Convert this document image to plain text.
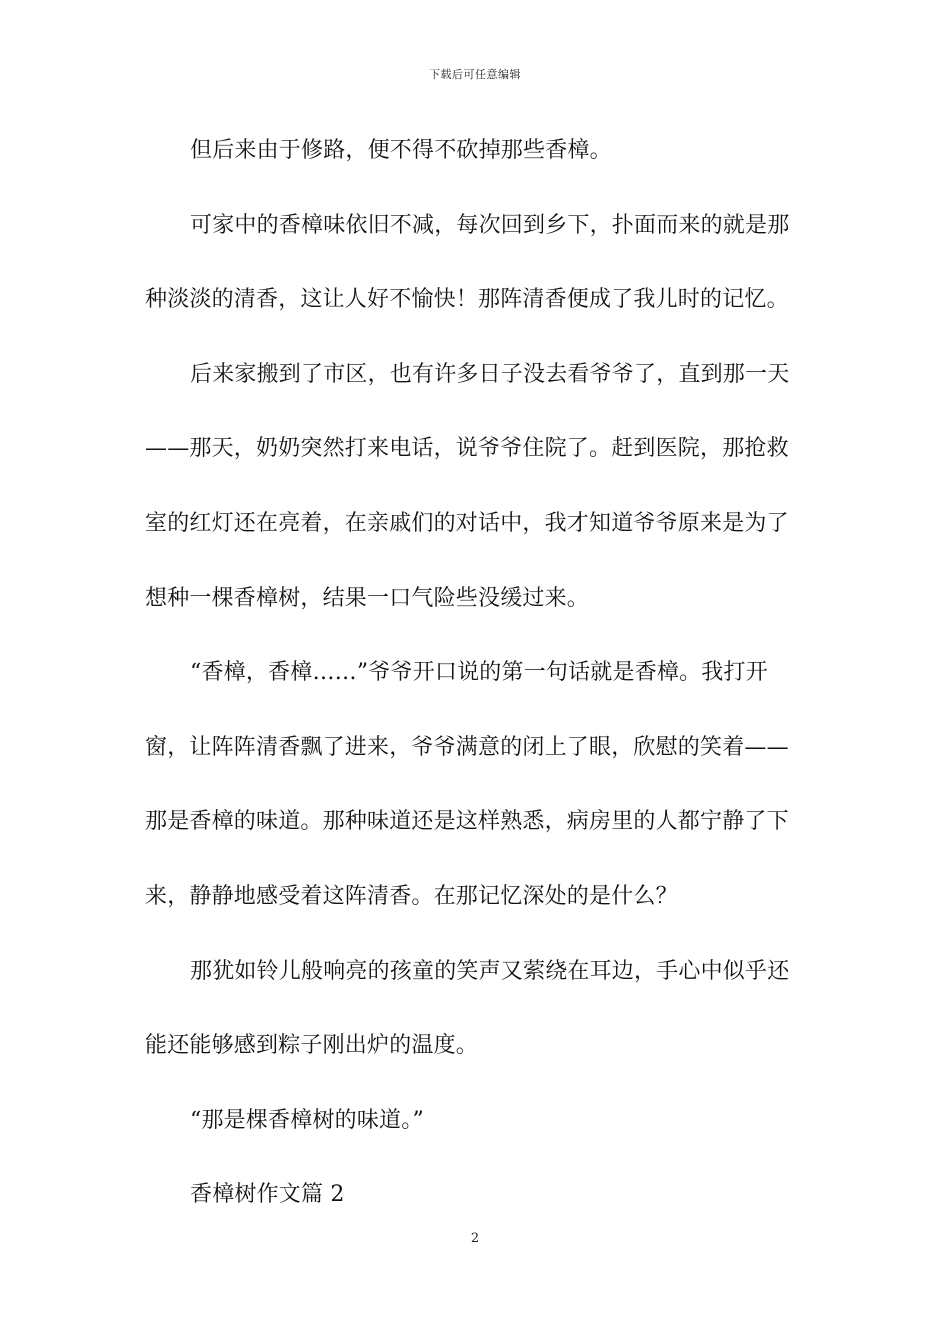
下载后可任意编辑
但后来由于修路，便不得不砍掉那些香樟。
可家中的香樟味依旧不减，每次回到乡下，扑面而来的就是那
种淡淡的清香，这让人好不愉快！那阵清香便成了我儿时的记忆。
后来家搬到了市区，也有许多日子没去看爷爷了，直到那一天
——那天，奶奶突然打来电话，说爷爷住院了。赶到医院，那抢救
室的红灯还在亮着，在亲戚们的对话中，我才知道爷爷原来是为了
想种一棵香樟树，结果一口气险些没缓过来。
“香樟，香樟……”爷爷开口说的第一句话就是香樟。我打开
窗，让阵阵清香飘了进来，爷爷满意的闭上了眼，欣慰的笑着——
那是香樟的味道。那种味道还是这样熟悉，病房里的人都宁静了下
来，静静地感受着这阵清香。在那记忆深处的是什么？
那犹如铃儿般响亮的孩童的笑声又萦绕在耳边，手心中似乎还
能还能够感到粽子刚出炉的温度。
“那是棵香樟树的味道。”
香樟树作文篇 2
2
